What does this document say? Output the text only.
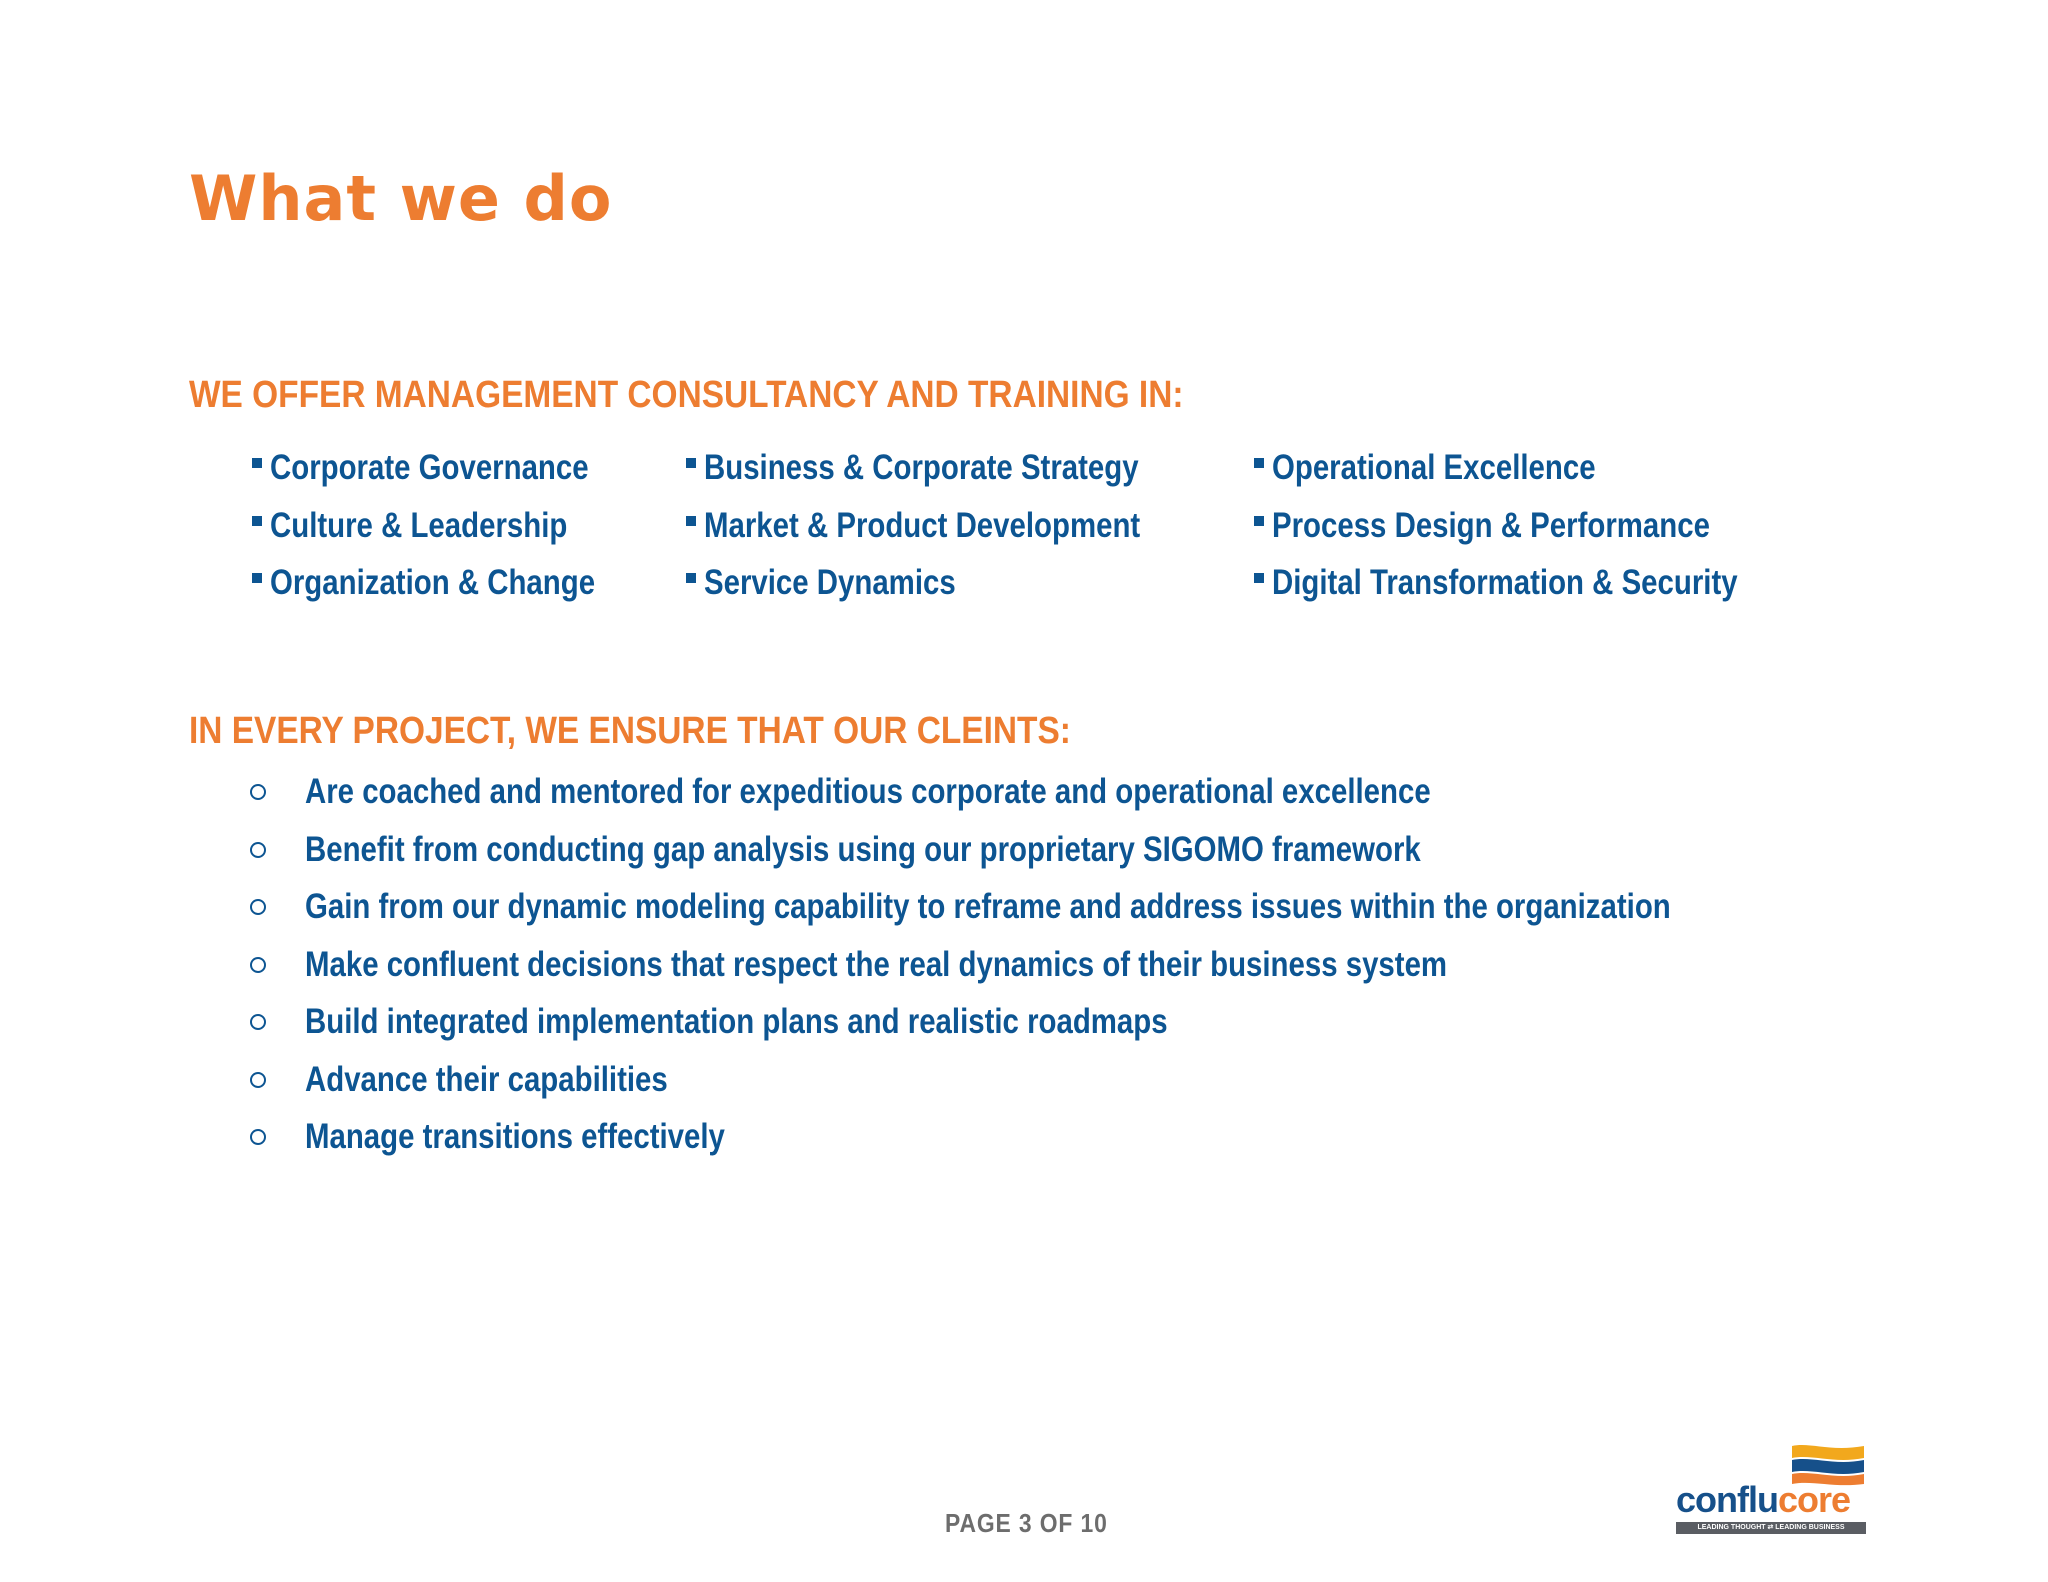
What we do
WE OFFER MANAGEMENT CONSULTANCY AND TRAINING IN:
Corporate Governance
Culture & Leadership
Organization & Change
Business & Corporate Strategy
Market & Product Development
Service Dynamics
Operational Excellence
Process Design & Performance
Digital Transformation & Security
IN EVERY PROJECT, WE ENSURE THAT OUR CLEINTS:
Are coached and mentored for expeditious corporate and operational excellence
Benefit from conducting gap analysis using our proprietary SIGOMO framework
Gain from our dynamic modeling capability to reframe and address issues within the organization
Make confluent decisions that respect the real dynamics of their business system
Build integrated implementation plans and realistic roadmaps
Advance their capabilities
Manage transitions effectively
PAGE 3 OF 10
conflucore
LEADING THOUGHT ⇄ LEADING BUSINESS
